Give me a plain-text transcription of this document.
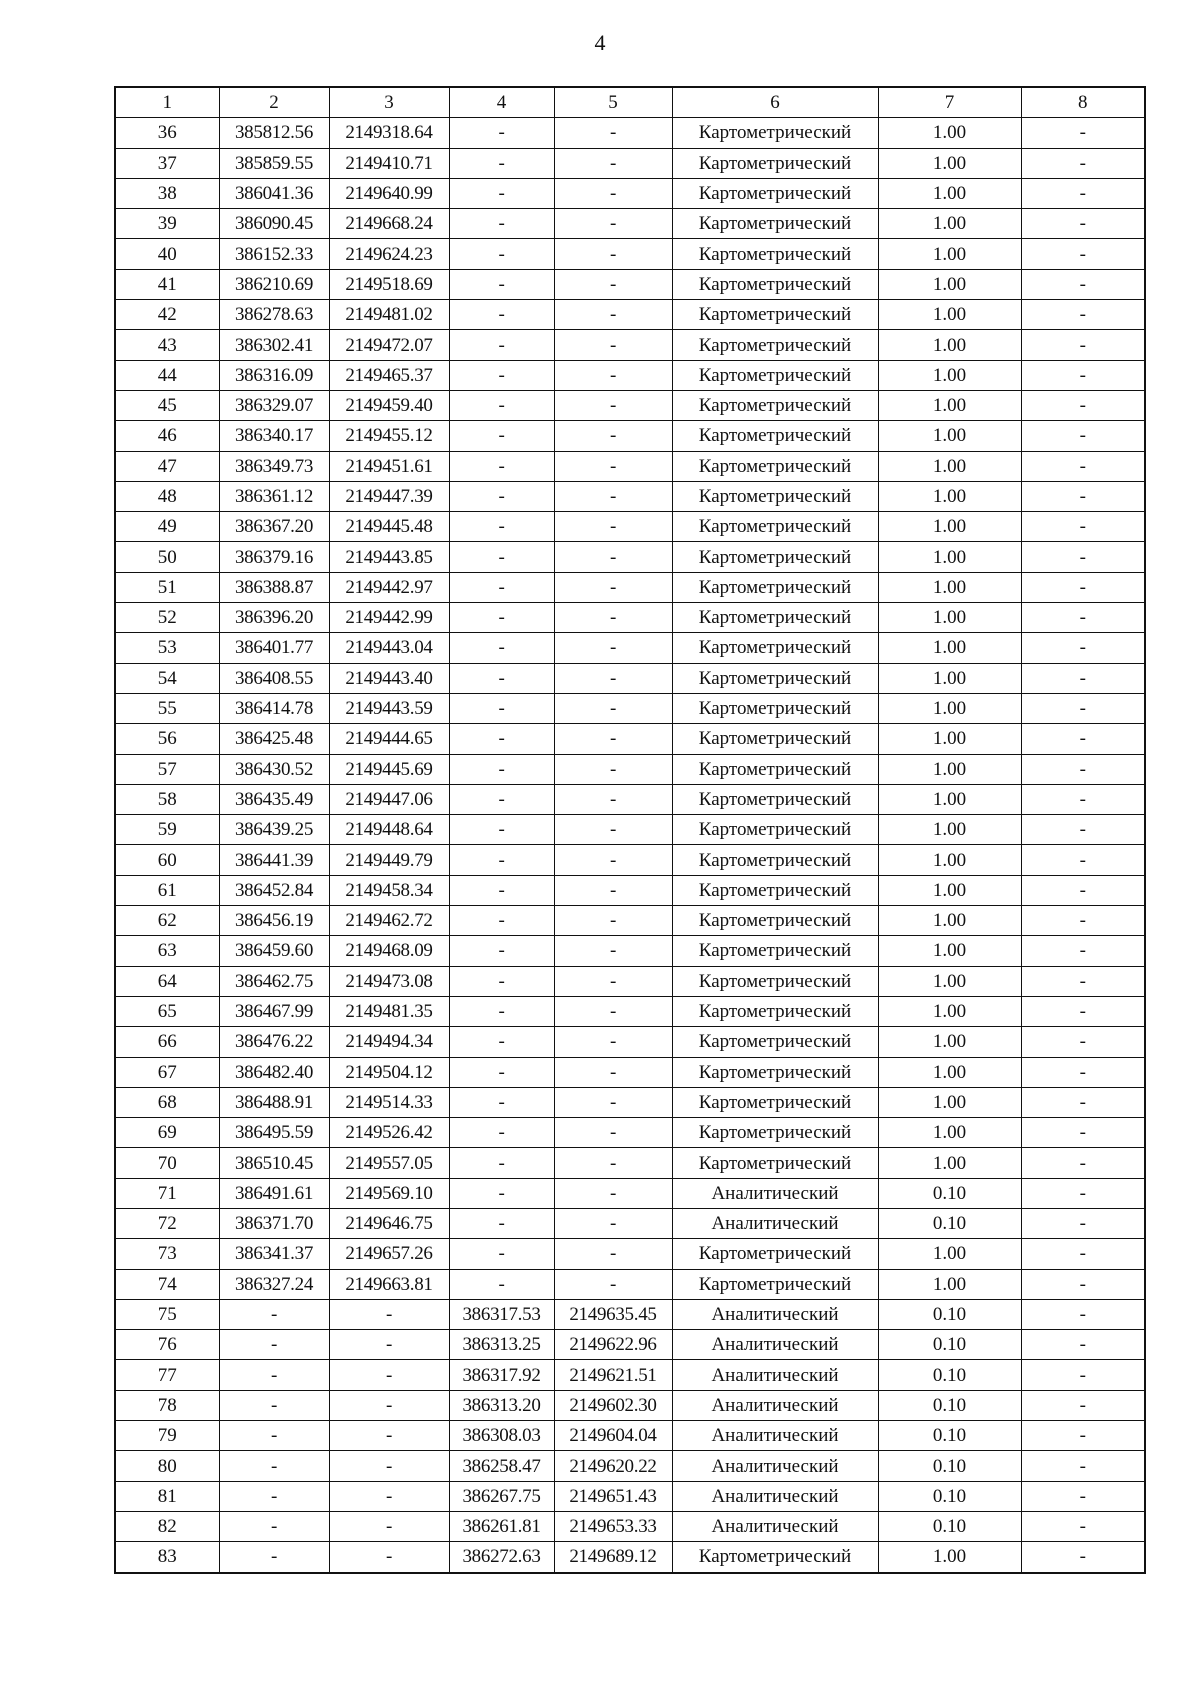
4
1	2	3	4	5	6	7	8
36	385812.56	2149318.64	-	-	Картометрический	1.00	-
37	385859.55	2149410.71	-	-	Картометрический	1.00	-
38	386041.36	2149640.99	-	-	Картометрический	1.00	-
39	386090.45	2149668.24	-	-	Картометрический	1.00	-
40	386152.33	2149624.23	-	-	Картометрический	1.00	-
41	386210.69	2149518.69	-	-	Картометрический	1.00	-
42	386278.63	2149481.02	-	-	Картометрический	1.00	-
43	386302.41	2149472.07	-	-	Картометрический	1.00	-
44	386316.09	2149465.37	-	-	Картометрический	1.00	-
45	386329.07	2149459.40	-	-	Картометрический	1.00	-
46	386340.17	2149455.12	-	-	Картометрический	1.00	-
47	386349.73	2149451.61	-	-	Картометрический	1.00	-
48	386361.12	2149447.39	-	-	Картометрический	1.00	-
49	386367.20	2149445.48	-	-	Картометрический	1.00	-
50	386379.16	2149443.85	-	-	Картометрический	1.00	-
51	386388.87	2149442.97	-	-	Картометрический	1.00	-
52	386396.20	2149442.99	-	-	Картометрический	1.00	-
53	386401.77	2149443.04	-	-	Картометрический	1.00	-
54	386408.55	2149443.40	-	-	Картометрический	1.00	-
55	386414.78	2149443.59	-	-	Картометрический	1.00	-
56	386425.48	2149444.65	-	-	Картометрический	1.00	-
57	386430.52	2149445.69	-	-	Картометрический	1.00	-
58	386435.49	2149447.06	-	-	Картометрический	1.00	-
59	386439.25	2149448.64	-	-	Картометрический	1.00	-
60	386441.39	2149449.79	-	-	Картометрический	1.00	-
61	386452.84	2149458.34	-	-	Картометрический	1.00	-
62	386456.19	2149462.72	-	-	Картометрический	1.00	-
63	386459.60	2149468.09	-	-	Картометрический	1.00	-
64	386462.75	2149473.08	-	-	Картометрический	1.00	-
65	386467.99	2149481.35	-	-	Картометрический	1.00	-
66	386476.22	2149494.34	-	-	Картометрический	1.00	-
67	386482.40	2149504.12	-	-	Картометрический	1.00	-
68	386488.91	2149514.33	-	-	Картометрический	1.00	-
69	386495.59	2149526.42	-	-	Картометрический	1.00	-
70	386510.45	2149557.05	-	-	Картометрический	1.00	-
71	386491.61	2149569.10	-	-	Аналитический	0.10	-
72	386371.70	2149646.75	-	-	Аналитический	0.10	-
73	386341.37	2149657.26	-	-	Картометрический	1.00	-
74	386327.24	2149663.81	-	-	Картометрический	1.00	-
75	-	-	386317.53	2149635.45	Аналитический	0.10	-
76	-	-	386313.25	2149622.96	Аналитический	0.10	-
77	-	-	386317.92	2149621.51	Аналитический	0.10	-
78	-	-	386313.20	2149602.30	Аналитический	0.10	-
79	-	-	386308.03	2149604.04	Аналитический	0.10	-
80	-	-	386258.47	2149620.22	Аналитический	0.10	-
81	-	-	386267.75	2149651.43	Аналитический	0.10	-
82	-	-	386261.81	2149653.33	Аналитический	0.10	-
83	-	-	386272.63	2149689.12	Картометрический	1.00	-
